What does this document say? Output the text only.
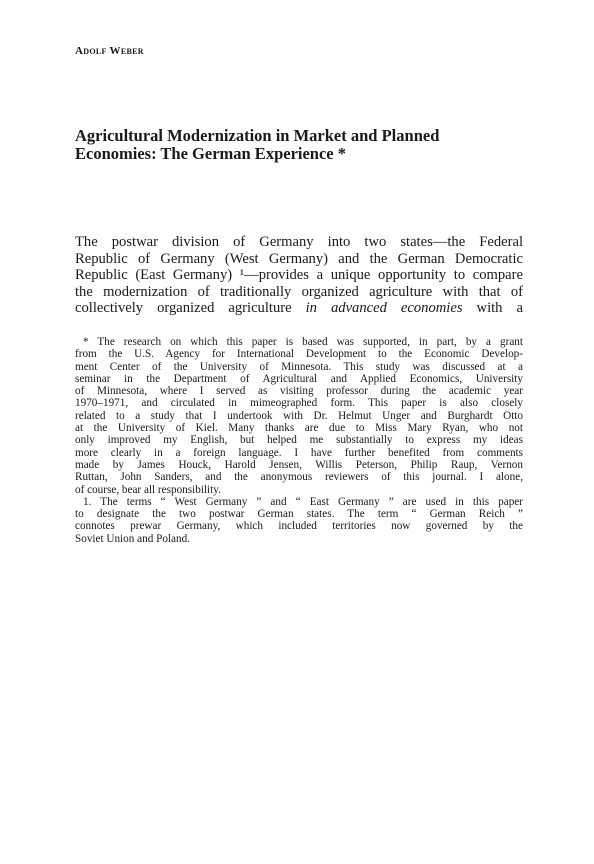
Adolf Weber
Agricultural Modernization in Market and Planned
Economies: The German Experience *
The postwar division of Germany into two states—the Federal
Republic of Germany (West Germany) and the German Democratic
Republic (East Germany) ¹—provides a unique opportunity to compare
the modernization of traditionally organized agriculture with that of
collectively organized agriculture in advanced economies with a
* The research on which this paper is based was supported, in part, by a grant
from the U.S. Agency for International Development to the Economic Develop-
ment Center of the University of Minnesota. This study was discussed at a
seminar in the Department of Agricultural and Applied Economics, University
of Minnesota, where I served as visiting professor during the academic year
1970–1971, and circulated in mimeographed form. This paper is also closely
related to a study that I undertook with Dr. Helmut Unger and Burghardt Otto
at the University of Kiel. Many thanks are due to Miss Mary Ryan, who not
only improved my English, but helped me substantially to express my ideas
more clearly in a foreign language. I have further benefited from comments
made by James Houck, Harold Jensen, Willis Peterson, Philip Raup, Vernon
Ruttan, John Sanders, and the anonymous reviewers of this journal. I alone,
of course, bear all responsibility.
1. The terms “ West Germany ” and “ East Germany ” are used in this paper
to designate the two postwar German states. The term “ German Reich ”
connotes prewar Germany, which included territories now governed by the
Soviet Union and Poland.
